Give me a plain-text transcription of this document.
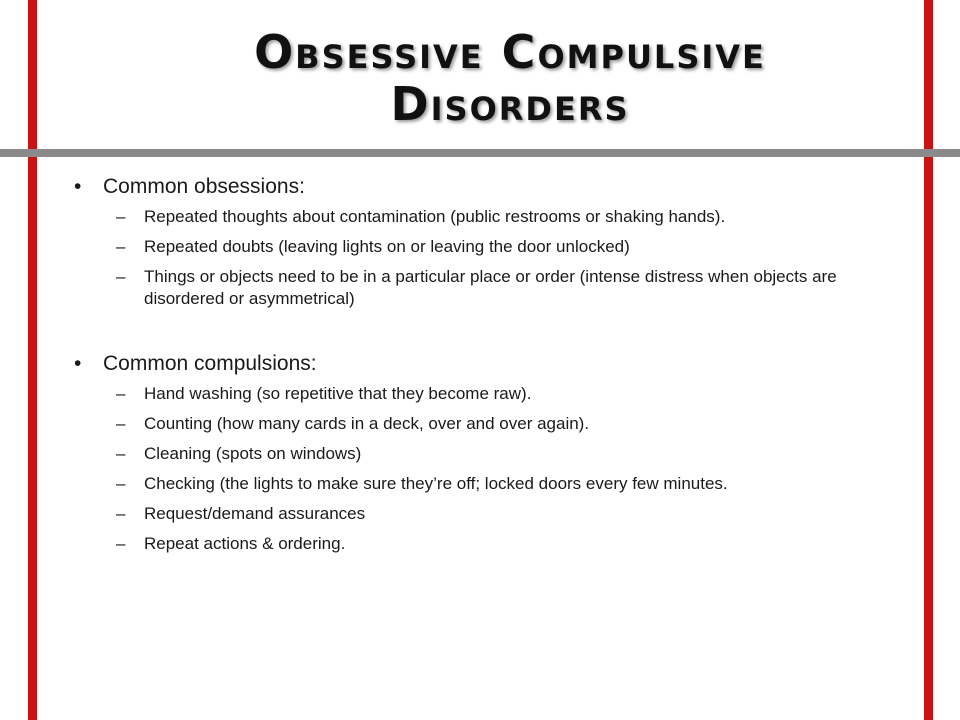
Obsessive Compulsive
Disorders
• Common obsessions:
– Repeated thoughts about contamination (public restrooms or shaking hands).
– Repeated doubts (leaving lights on or leaving the door unlocked)
– Things or objects need to be in a particular place or order (intense distress when objects are disordered or asymmetrical)
• Common compulsions:
– Hand washing (so repetitive that they become raw).
– Counting (how many cards in a deck, over and over again).
– Cleaning (spots on windows)
– Checking (the lights to make sure they’re off; locked doors every few minutes.
– Request/demand assurances
– Repeat actions & ordering.
